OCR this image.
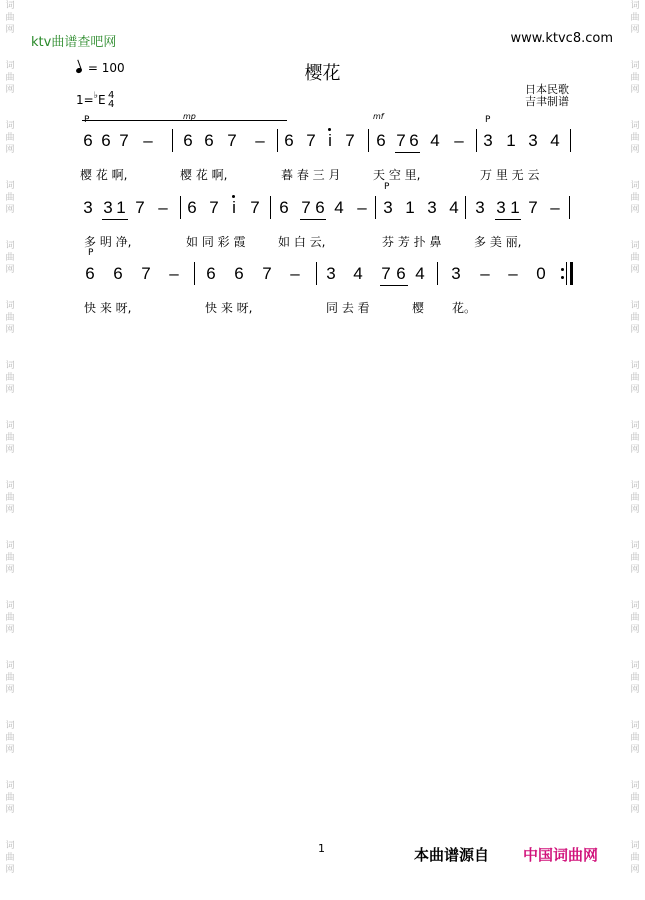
词
曲
网
词
曲
网
词
曲
网
词
曲
网
词
曲
网
词
曲
网
词
曲
网
词
曲
网
词
曲
网
词
曲
网
词
曲
网
词
曲
网
词
曲
网
词
曲
网
词
曲
网
词
曲
网
词
曲
网
词
曲
网
词
曲
网
词
曲
网
词
曲
网
词
曲
网
词
曲
网
词
曲
网
词
曲
网
词
曲
网
词
曲
网
词
曲
网
词
曲
网
词
曲
网
ktv曲谱查吧网	www.ktvc8.com
= 100	樱花
日本民歌
吉聿制谱
1=♭E 4
4
P	mp	mf	P
6 6 7 – 6 6 7 – 6 7 i 7 6 7 6 4 – 3 1 3 4
樱 花 啊,	樱 花 啊,	暮 春 三 月	天 空 里,	万 里 无 云
P
3 3 1 7 – 6 7 i 7 6 7 6 4 – 3 1 3 4 3 3 1 7 –
多 明 净,	如 同 彩 霞	如 白 云,	芬 芳 扑 鼻	多 美 丽,
P
6 6 7 – 6 6 7 – 3 4 7 6 4 3 – – 0
快 来 呀,	快 来 呀,	同 去 看	樱 花。
1	本曲谱源自 中国词曲网
